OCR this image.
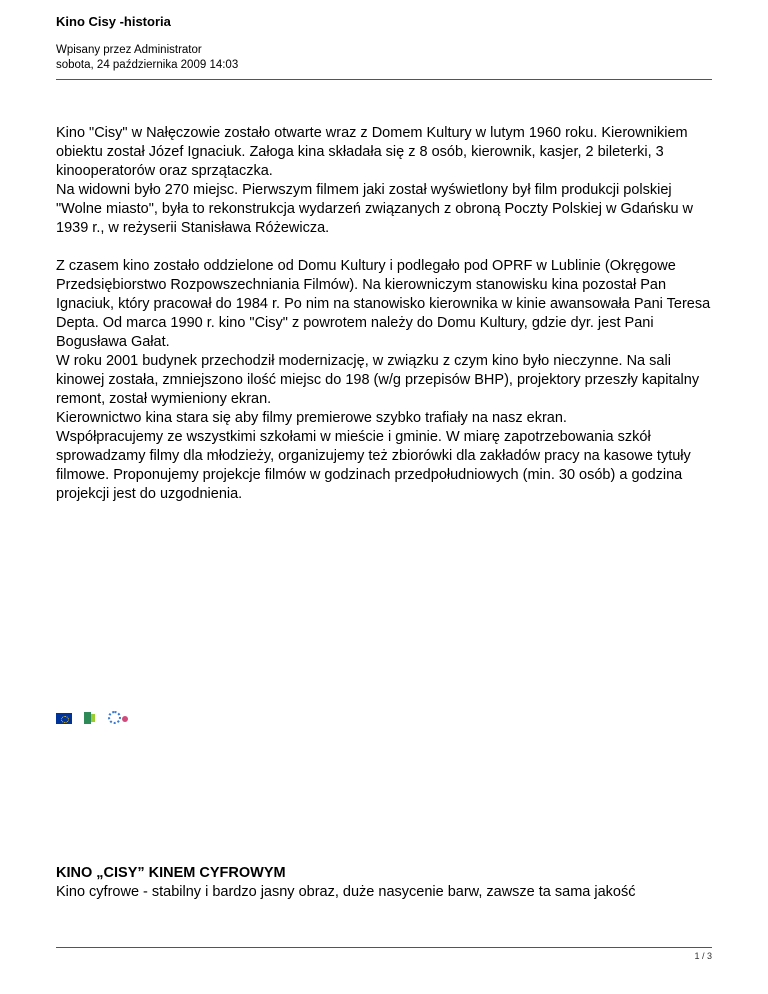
Kino Cisy -historia
Wpisany przez Administrator
sobota, 24 października 2009 14:03

Kino "Cisy" w Nałęczowie zostało otwarte wraz z Domem Kultury w lutym 1960 roku. Kierownikiem obiektu został Józef Ignaciuk. Załoga kina składała się z 8 osób, kierownik, kasjer, 2 bileterki, 3 kinooperatorów oraz sprzątaczka.

Na widowni było 270 miejsc. Pierwszym filmem jaki został wyświetlony był film produkcji polskiej "Wolne miasto", była to rekonstrukcja wydarzeń związanych z obroną Poczty Polskiej w Gdańsku w 1939 r., w reżyserii Stanisława Różewicza.

Z czasem kino zostało oddzielone od Domu Kultury i podlegało pod OPRF w Lublinie (Okręgowe Przedsiębiorstwo Rozpowszechniania Filmów). Na kierowniczym stanowisku kina pozostał Pan Ignaciuk, który pracował do 1984 r. Po nim na stanowisko kierownika w kinie awansowała Pani Teresa Depta. Od marca 1990 r. kino "Cisy" z powrotem należy do Domu Kultury, gdzie dyr. jest Pani Bogusława Gałat.

W roku 2001 budynek przechodził modernizację, w związku z czym kino było nieczynne. Na sali kinowej została, zmniejszono ilość miejsc do 198 (w/g przepisów BHP), projektory przeszły kapitalny remont, został wymieniony ekran.

Kierownictwo kina stara się aby filmy premierowe szybko trafiały na nasz ekran.

Współpracujemy ze wszystkimi szkołami w mieście i gminie. W miarę zapotrzebowania szkół sprowadzamy filmy dla młodzieży, organizujemy też zbiorówki dla zakładów pracy na kasowe tytuły filmowe. Proponujemy projekcje filmów w godzinach przedpołudniowych (min. 30 osób) a godzina projekcji jest do uzgodnienia.

KINO „CISY” KINEM CYFROWYM
Kino cyfrowe - stabilny i bardzo jasny obraz, duże nasycenie barw, zawsze ta sama jakość
1 / 3
